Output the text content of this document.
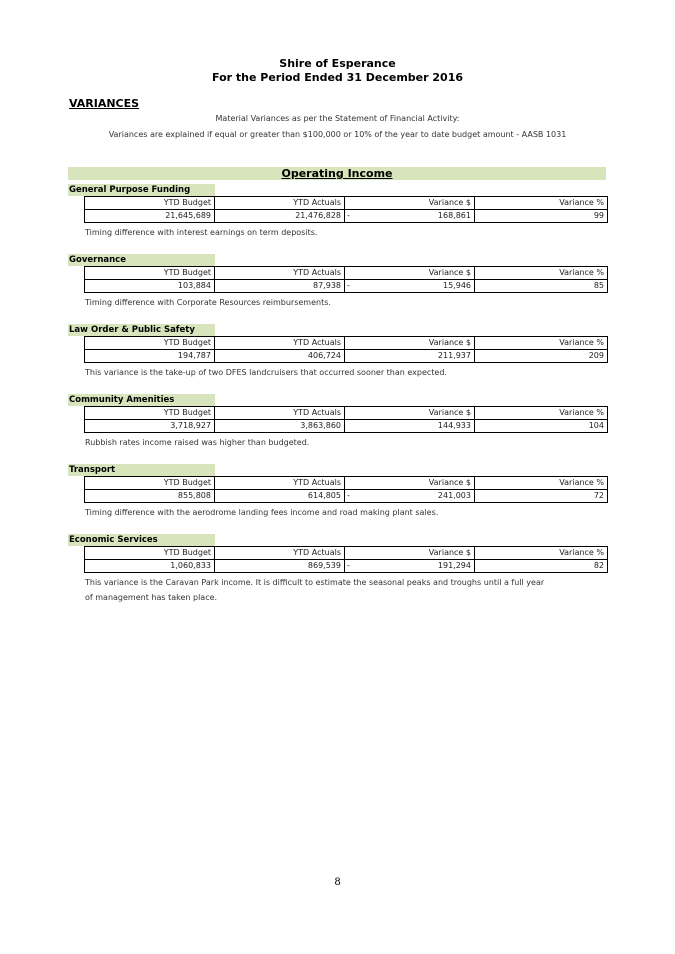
Shire of Esperance
For the Period Ended 31 December 2016
VARIANCES
Material Variances as per the Statement of Financial Activity:
Variances are explained if equal or greater than $100,000 or 10% of the year to date budget amount - AASB 1031
Operating Income
General Purpose Funding
YTD Budget	YTD Actuals	Variance $	Variance %
21,645,689	21,476,828	- 168,861	99
Timing difference with interest earnings on term deposits.
Governance
YTD Budget	YTD Actuals	Variance $	Variance %
103,884	87,938	- 15,946	85
Timing difference with Corporate Resources reimbursements.
Law Order & Public Safety
YTD Budget	YTD Actuals	Variance $	Variance %
194,787	406,724	211,937	209
This variance is the take-up of two DFES landcruisers that occurred sooner than expected.
Community Amenities
YTD Budget	YTD Actuals	Variance $	Variance %
3,718,927	3,863,860	144,933	104
Rubbish rates income raised was higher than budgeted.
Transport
YTD Budget	YTD Actuals	Variance $	Variance %
855,808	614,805	- 241,003	72
Timing difference with the aerodrome landing fees income and road making plant sales.
Economic Services
YTD Budget	YTD Actuals	Variance $	Variance %
1,060,833	869,539	- 191,294	82
This variance is the Caravan Park income. It is difficult to estimate the seasonal peaks and troughs until a full year
of management has taken place.
8
